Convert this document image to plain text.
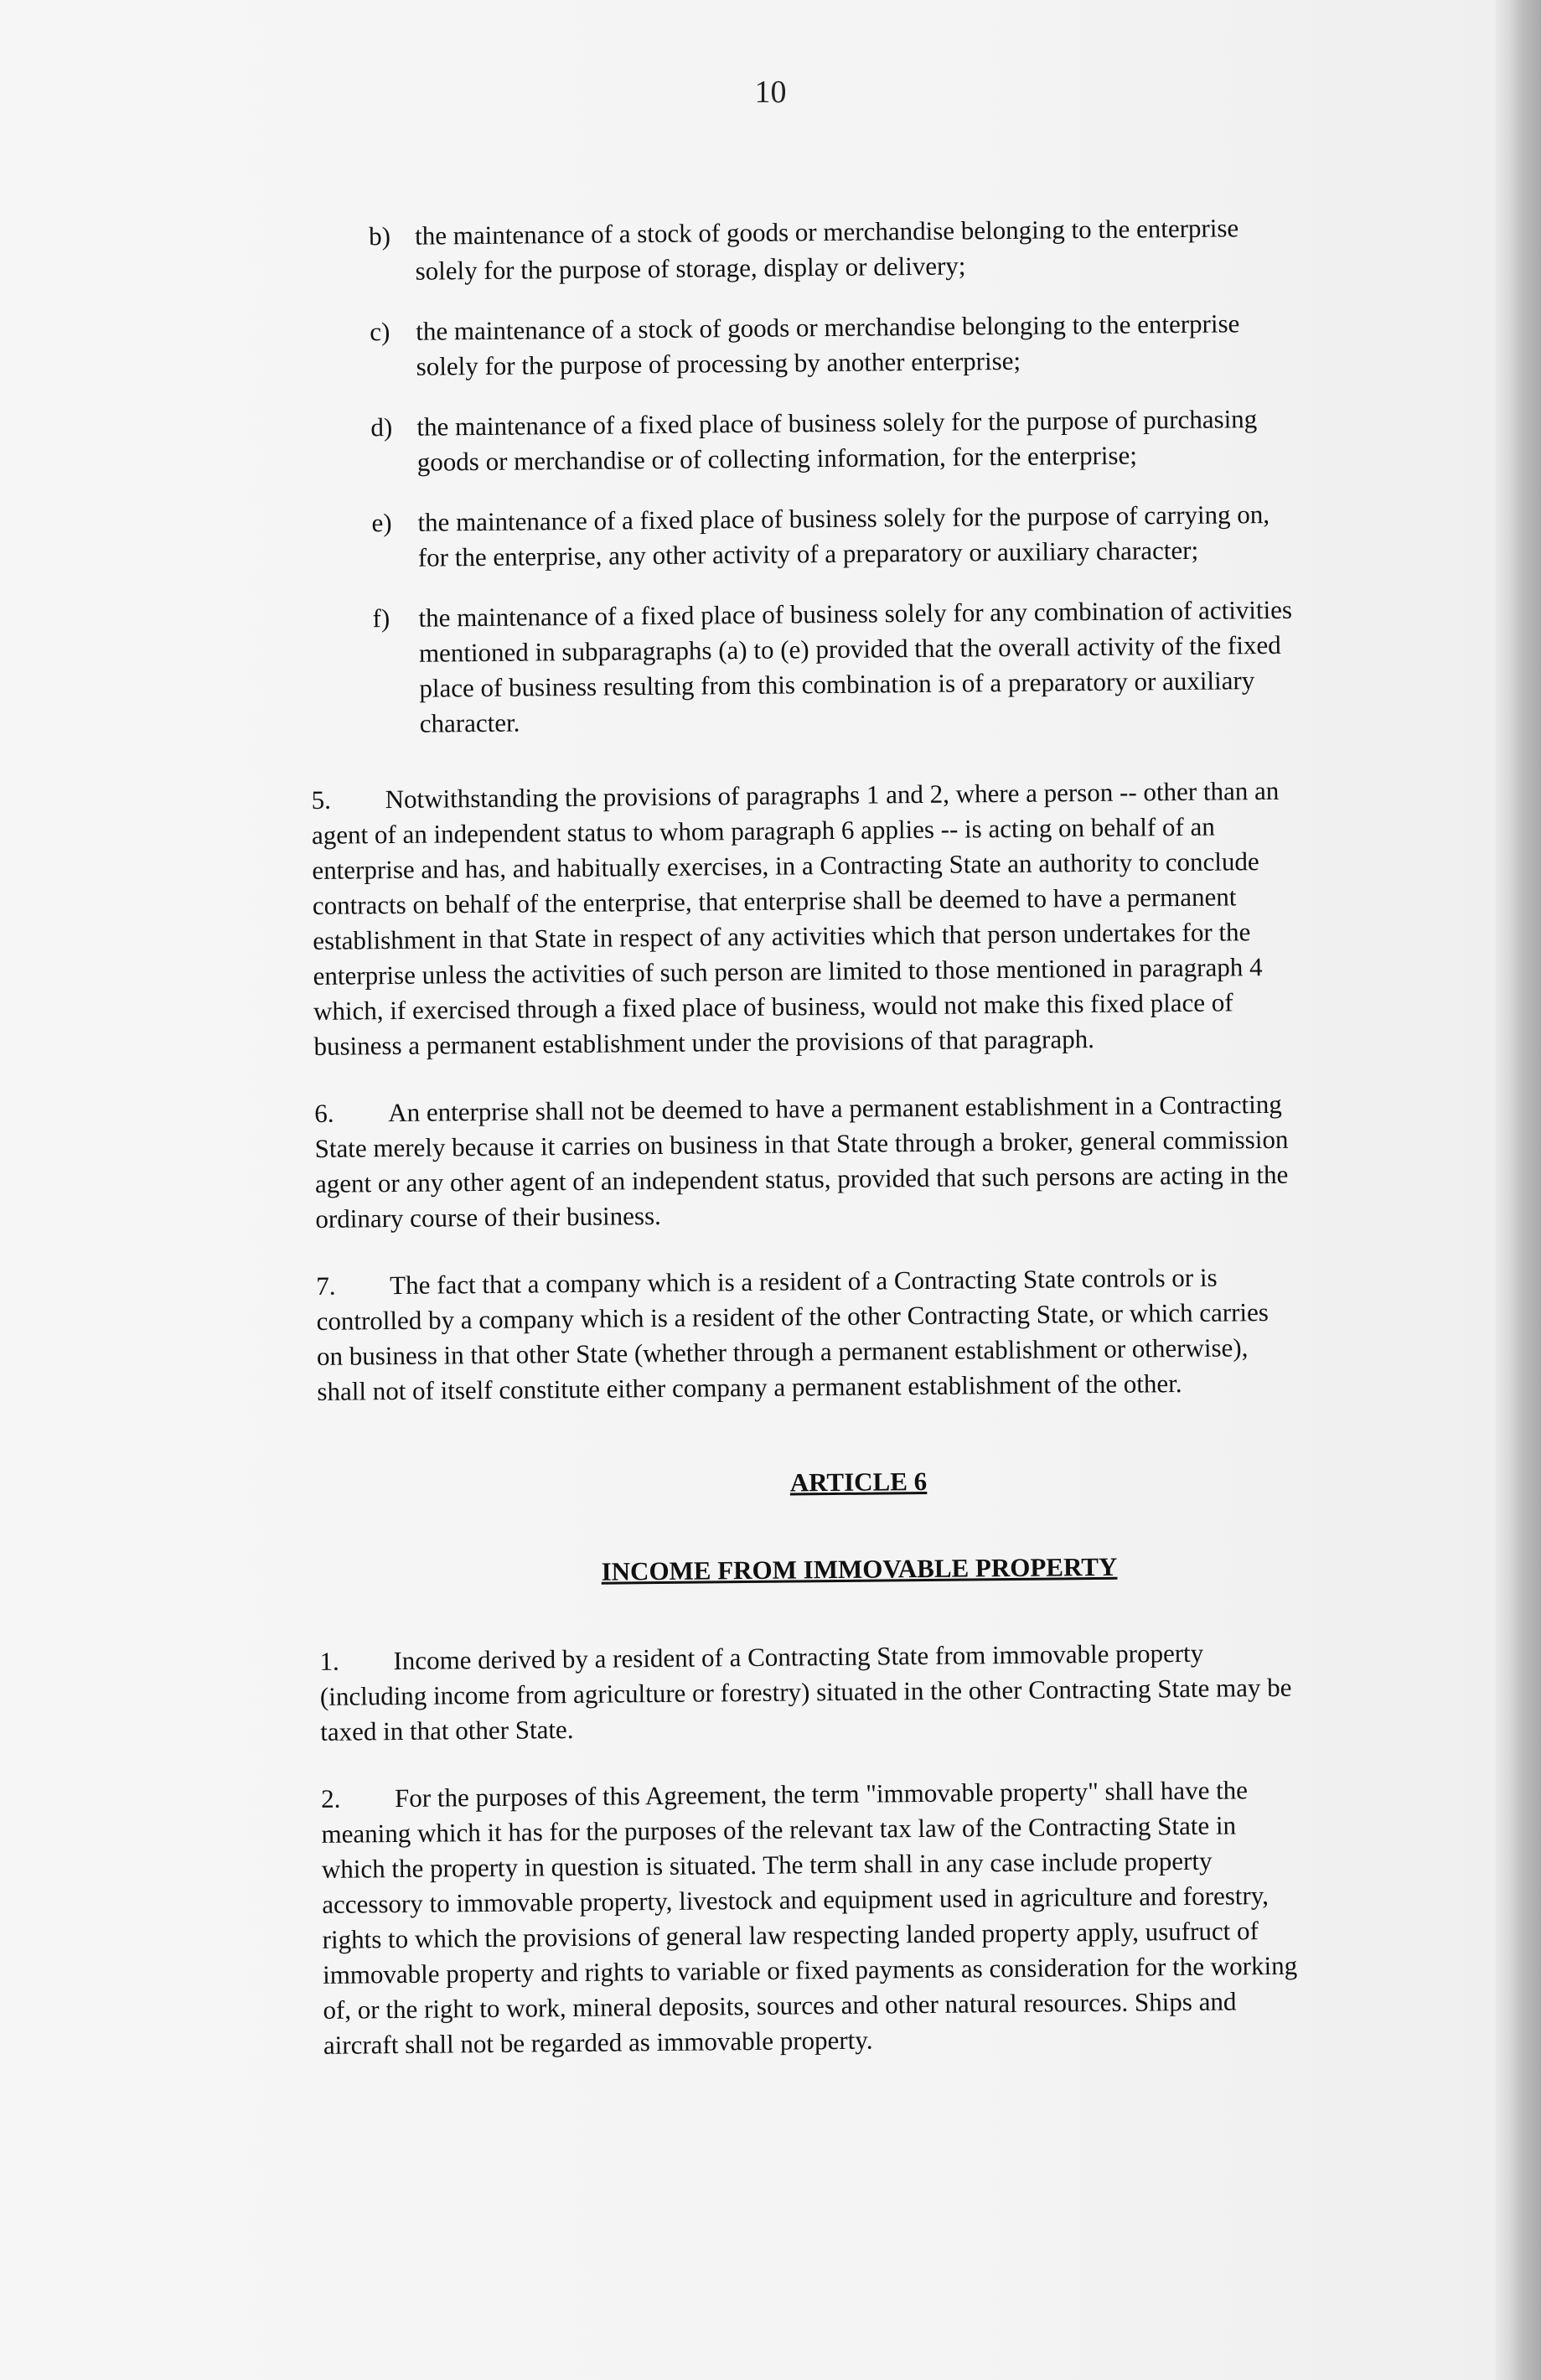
10
b) the maintenance of a stock of goods or merchandise belonging to the enterprise
solely for the purpose of storage, display or delivery;
c) the maintenance of a stock of goods or merchandise belonging to the enterprise
solely for the purpose of processing by another enterprise;
d) the maintenance of a fixed place of business solely for the purpose of purchasing
goods or merchandise or of collecting information, for the enterprise;
e) the maintenance of a fixed place of business solely for the purpose of carrying on,
for the enterprise, any other activity of a preparatory or auxiliary character;
f) the maintenance of a fixed place of business solely for any combination of activities
mentioned in subparagraphs (a) to (e) provided that the overall activity of the fixed
place of business resulting from this combination is of a preparatory or auxiliary
character.
5. Notwithstanding the provisions of paragraphs 1 and 2, where a person -- other than an
agent of an independent status to whom paragraph 6 applies -- is acting on behalf of an
enterprise and has, and habitually exercises, in a Contracting State an authority to conclude
contracts on behalf of the enterprise, that enterprise shall be deemed to have a permanent
establishment in that State in respect of any activities which that person undertakes for the
enterprise unless the activities of such person are limited to those mentioned in paragraph 4
which, if exercised through a fixed place of business, would not make this fixed place of
business a permanent establishment under the provisions of that paragraph.
6. An enterprise shall not be deemed to have a permanent establishment in a Contracting
State merely because it carries on business in that State through a broker, general commission
agent or any other agent of an independent status, provided that such persons are acting in the
ordinary course of their business.
7. The fact that a company which is a resident of a Contracting State controls or is
controlled by a company which is a resident of the other Contracting State, or which carries
on business in that other State (whether through a permanent establishment or otherwise),
shall not of itself constitute either company a permanent establishment of the other.
ARTICLE 6
INCOME FROM IMMOVABLE PROPERTY
1. Income derived by a resident of a Contracting State from immovable property
(including income from agriculture or forestry) situated in the other Contracting State may be
taxed in that other State.
2. For the purposes of this Agreement, the term "immovable property" shall have the
meaning which it has for the purposes of the relevant tax law of the Contracting State in
which the property in question is situated. The term shall in any case include property
accessory to immovable property, livestock and equipment used in agriculture and forestry,
rights to which the provisions of general law respecting landed property apply, usufruct of
immovable property and rights to variable or fixed payments as consideration for the working
of, or the right to work, mineral deposits, sources and other natural resources. Ships and
aircraft shall not be regarded as immovable property.
